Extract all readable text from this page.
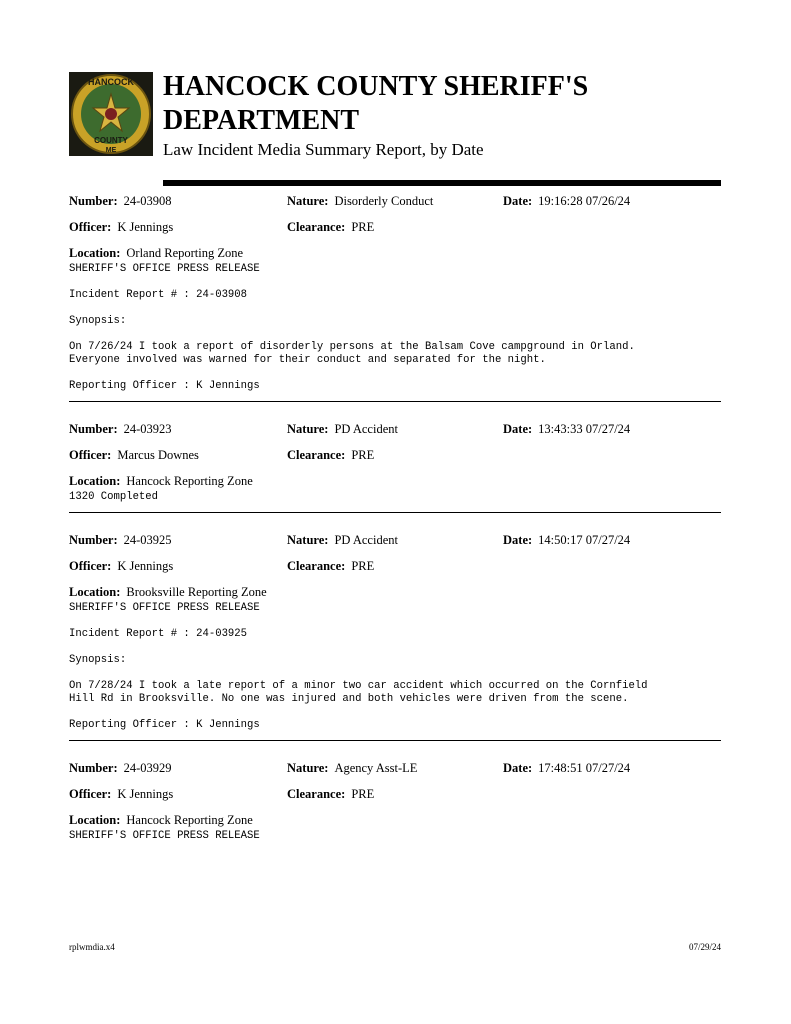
HANCOCK
COUNTY
ME
HANCOCK COUNTY SHERIFF'S
DEPARTMENT
Law Incident Media Summary Report, by Date
Number: 24-03908	Nature: Disorderly Conduct	Date: 19:16:28 07/26/24
Officer: K Jennings	Clearance: PRE
Location: Orland Reporting Zone
SHERIFF'S OFFICE PRESS RELEASE
Incident Report # : 24-03908
Synopsis:
On 7/26/24 I took a report of disorderly persons at the Balsam Cove campground in Orland.
Everyone involved was warned for their conduct and separated for the night.
Reporting Officer : K Jennings
Number: 24-03923	Nature: PD Accident	Date: 13:43:33 07/27/24
Officer: Marcus Downes	Clearance: PRE
Location: Hancock Reporting Zone
1320 Completed
Number: 24-03925	Nature: PD Accident	Date: 14:50:17 07/27/24
Officer: K Jennings	Clearance: PRE
Location: Brooksville Reporting Zone
SHERIFF'S OFFICE PRESS RELEASE
Incident Report # : 24-03925
Synopsis:
On 7/28/24 I took a late report of a minor two car accident which occurred on the Cornfield
Hill Rd in Brooksville. No one was injured and both vehicles were driven from the scene.
Reporting Officer : K Jennings
Number: 24-03929	Nature: Agency Asst-LE	Date: 17:48:51 07/27/24
Officer: K Jennings	Clearance: PRE
Location: Hancock Reporting Zone
SHERIFF'S OFFICE PRESS RELEASE
rplwmdia.x4	07/29/24
